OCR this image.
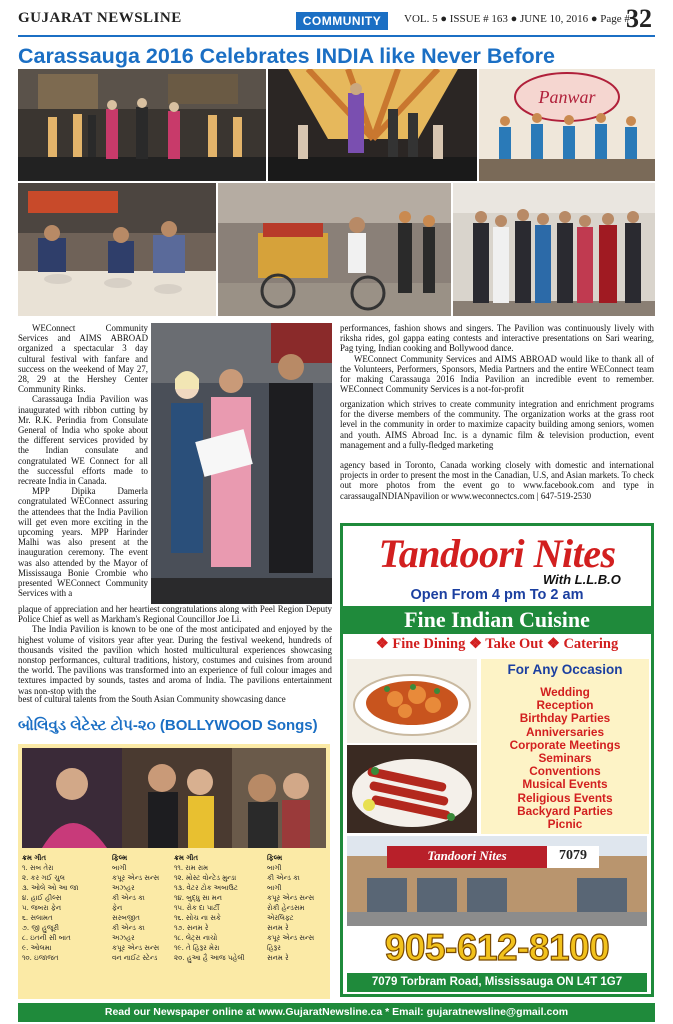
GUJARAT NEWSLINE	COMMUNITY	VOL. 5 ● ISSUE # 163 ● JUNE 10, 2016 ● Page #
32
Carassauga 2016 Celebrates INDIA like Never Before
Panwar

WEConnect Community Services and AIMS ABROAD organized a spectacular 3 day cultural festival with fanfare and success on the weekend of May 27, 28, 29 at the Hershey Center Community Rinks.

Carassauga India Pavilion was inaugurated with ribbon cutting by Mr. R.K. Perindia from Consulate General of India who spoke about the different services provided by the Indian consulate and congratulated WE Connect for all the successful efforts made to recreate India in Canada.

MPP Dipika Damerla congratulated WEConnect assuring the attendees that the India Pavilion will get even more exciting in the upcoming years. MPP Harinder Malhi was also present at the inauguration ceremony. The event was also attended by the Mayor of Mississauga Bonie Crombie who presented WEConnect Community Services with a

plaque of appreciation and her heartiest congratulations along with Peel Region Deputy Police Chief as well as Markham's Regional Councillor Joe Li.

The India Pavilion is known to be one of the most anticipated and enjoyed by the highest volume of visitors year after year. During the festival weekend, hundreds of thousands visited the pavilion which hosted multicultural experiences showcasing nonstop performances, cultural traditions, history, costumes and cuisines from around the world. The pavilions was transformed into an experience of full colour images and textures impacted by sounds, tastes and aroma of India. The pavilions entertainment was non-stop with the

best of cultural talents from the South Asian Community showcasing dance

performances, fashion shows and singers. The Pavilion was continuously lively with riksha rides, gol gappa eating contests and interactive presentations on Sari wearing, Pag tying, Indian cooking and Bollywood dance.

WEConnect Community Services and AIMS ABROAD would like to thank all of the Volunteers, Performers, Sponsors, Media Partners and the entire WEConnect team for making Carassauga 2016 India Pavilion an incredible event to remember. WEConnect Community Services is a not-for-profit

organization which strives to create community integration and enrichment programs for the diverse members of the community. The organization works at the grass root level in the community in order to maximize capacity building among seniors, women and youth. AIMS Abroad Inc. is a dynamic film & television production, event management and a fully-fledged marketing

agency based in Toronto, Canada working closely with domestic and international projects in order to present the most in the Canadian, U.S, and Asian markets. To check out more photos from the event go to www.facebook.com and type in carassaugaINDIANpavilion or www.weconnectcs.com | 647-519-2530

બોલિવુડ લેટેસ્ટ ટોપ-૨૦ (BOLLYWOOD Songs)
ક્રમ ગીત	ફિલ્મ	ક્રમ ગીત	ફિલ્મ
૧. સબ તેરા	બાગી	૧૧. રામ રામ	બાગી
૨. કર ગઈ ચુલ	કપૂર એન્ડ સન્સ	૧૨. મોસ્ટ વોન્ટેડ મુન્ડા	કી એન્ડ કા
૩. ઓલે ઓ આ જા	અઝહર	૧૩. વેટર ટોક અબાઉટ	બાગી
૪. હાઈ હીલ્સ	કી એન્ડ કા	૧૪. બુદ્ધુ સા મન	કપૂર એન્ડ સન્સ
૫. જબરા ફેન	ફેન	૧૫. રોક દા પાર્ટી	રોકી હેન્ડસમ
૬. સલામત	સરબજીત	૧૬. સોચ ના સકે	એરલિફ્ટ
૭. જી હુજૂરી	કી એન્ડ કા	૧૭. સનમ રે	સનમ રે
૮. ઇતની સી બાત	અઝહર	૧૮. લેટ્સ નાચો	કપૂર એન્ડ સન્સ
૯. ઓલમા	કપૂર એન્ડ સન્સ	૧૯. તે હિરૂર મેરા	હિરૂર
૧૦. ઇજાજત	વન નાઈટ સ્ટેન્ડ	૨૦. હુઆ હૈ આજ પહેલી	સનમ રે
Tandoori Nites
With L.L.B.O
Open From 4 pm To 2 am
Fine Indian Cuisine
❖ Fine Dining ❖ Take Out ❖ Catering
For Any Occasion
Wedding
Reception
Birthday Parties
Anniversaries
Corporate Meetings
Seminars
Conventions
Musical Events
Religious Events
Backyard Parties
Picnic
Tandoori Nites	7079
905-612-8100
7079 Torbram Road, Mississauga ON L4T 1G7
Read our Newspaper online at www.GujaratNewsline.ca * Email: gujaratnewsline@gmail.com
